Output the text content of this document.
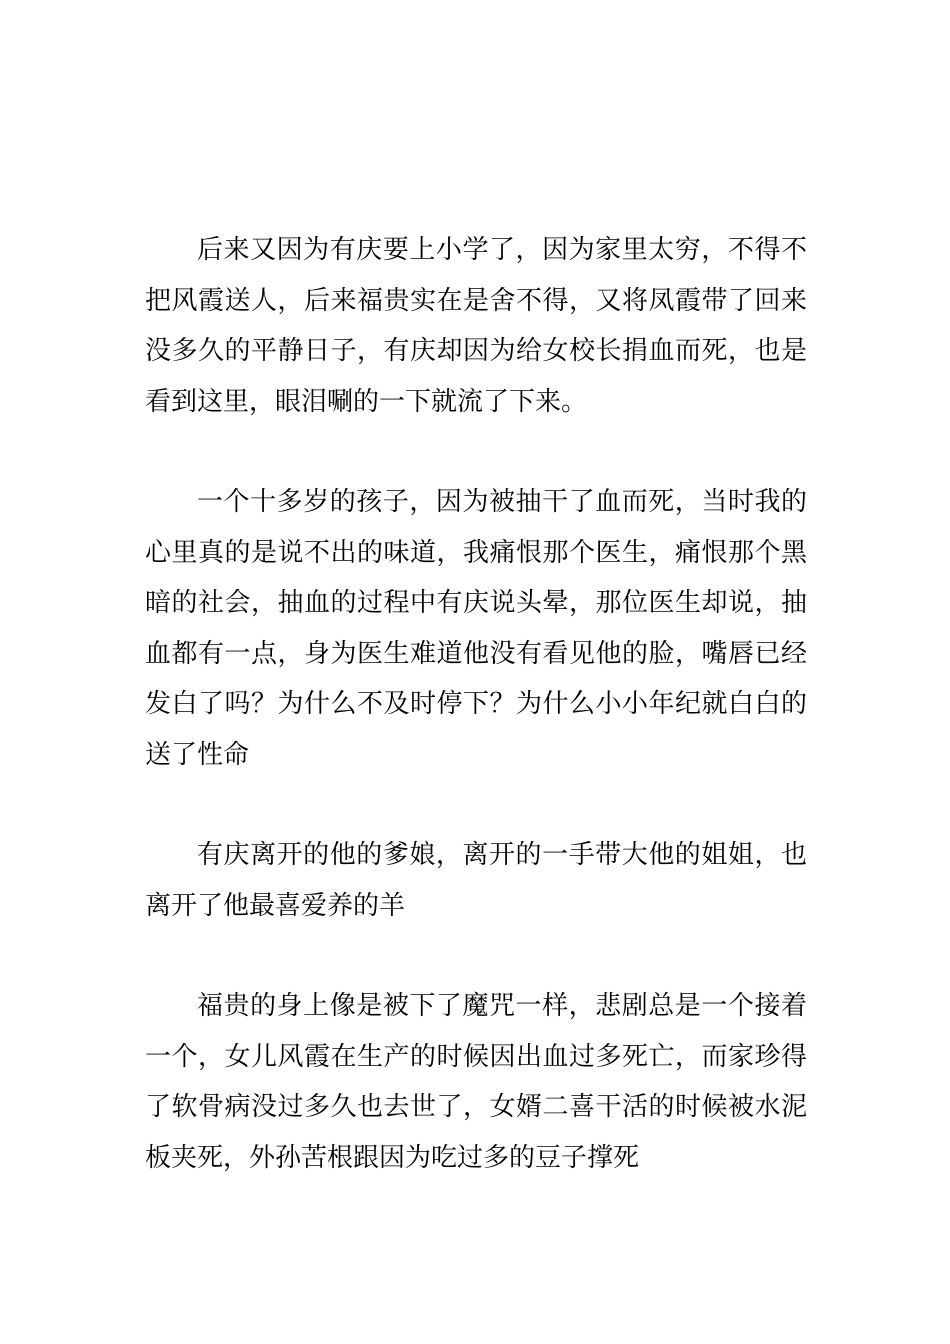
后来又因为有庆要上小学了，因为家里太穷，不得不把风霞送人，后来福贵实在是舍不得，又将凤霞带了回来没多久的平静日子，有庆却因为给女校长捐血而死，也是看到这里，眼泪唰的一下就流了下来。

一个十多岁的孩子，因为被抽干了血而死，当时我的心里真的是说不出的味道，我痛恨那个医生，痛恨那个黑暗的社会，抽血的过程中有庆说头晕，那位医生却说，抽血都有一点，身为医生难道他没有看见他的脸，嘴唇已经发白了吗？为什么不及时停下？为什么小小年纪就白白的送了性命

有庆离开的他的爹娘，离开的一手带大他的姐姐，也离开了他最喜爱养的羊

福贵的身上像是被下了魔咒一样，悲剧总是一个接着一个，女儿风霞在生产的时候因出血过多死亡，而家珍得了软骨病没过多久也去世了，女婿二喜干活的时候被水泥板夹死，外孙苦根跟因为吃过多的豆子撑死
